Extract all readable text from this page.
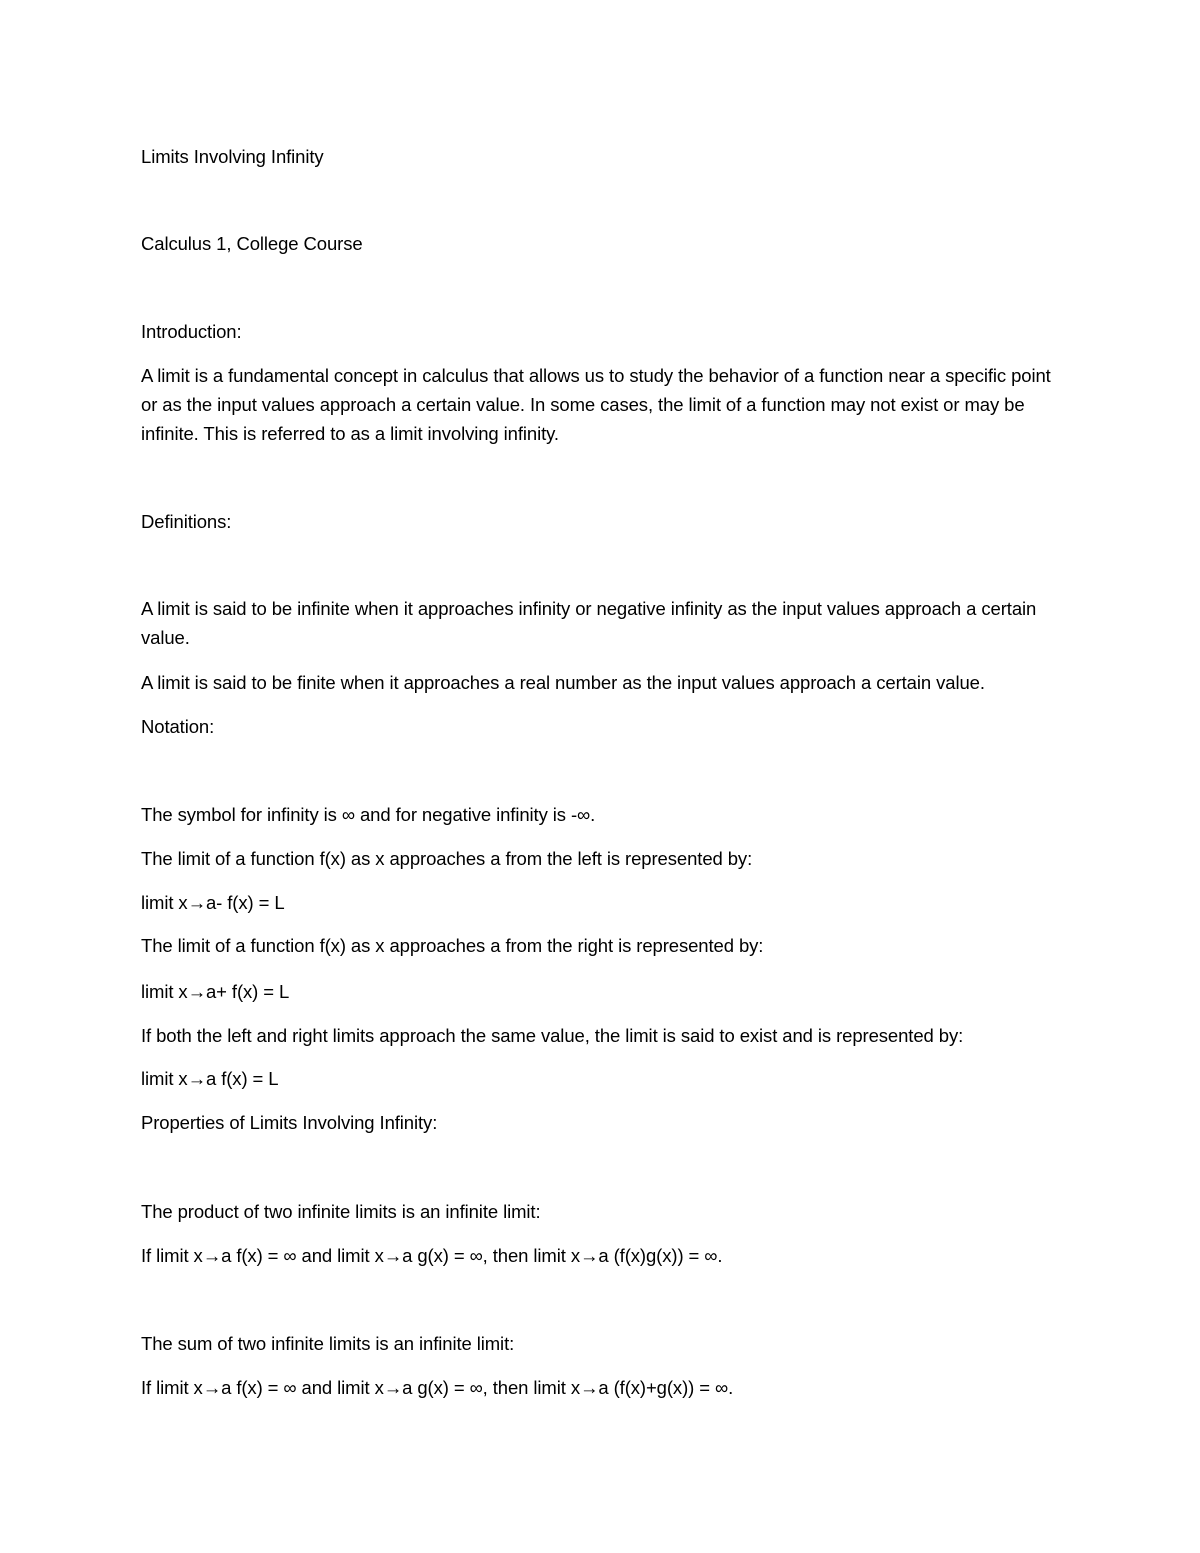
Limits Involving Infinity
Calculus 1, College Course
Introduction:
A limit is a fundamental concept in calculus that allows us to study the behavior of a function near a specific point or as the input values approach a certain value. In some cases, the limit of a function may not exist or may be infinite. This is referred to as a limit involving infinity.
Definitions:
A limit is said to be infinite when it approaches infinity or negative infinity as the input values approach a certain value.
A limit is said to be finite when it approaches a real number as the input values approach a certain value.
Notation:
The symbol for infinity is ∞ and for negative infinity is -∞.
The limit of a function f(x) as x approaches a from the left is represented by:
limit x→a- f(x) = L
The limit of a function f(x) as x approaches a from the right is represented by:
limit x→a+ f(x) = L
If both the left and right limits approach the same value, the limit is said to exist and is represented by:
limit x→a f(x) = L
Properties of Limits Involving Infinity:
The product of two infinite limits is an infinite limit:
If limit x→a f(x) = ∞ and limit x→a g(x) = ∞, then limit x→a (f(x)g(x)) = ∞.
The sum of two infinite limits is an infinite limit:
If limit x→a f(x) = ∞ and limit x→a g(x) = ∞, then limit x→a (f(x)+g(x)) = ∞.
